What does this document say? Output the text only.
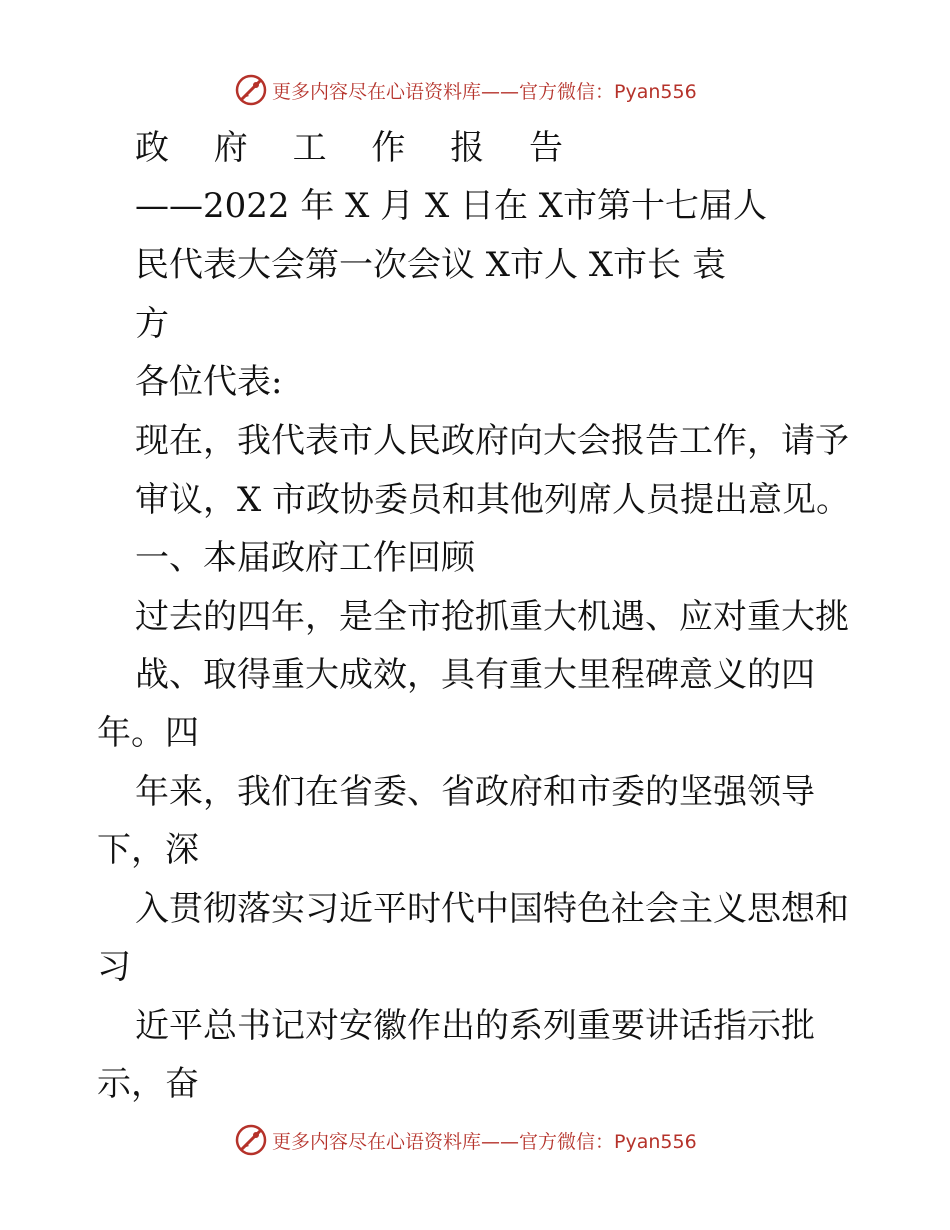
更多内容尽在心语资料库——官方微信：Pyan556
政 府 工 作 报 告
——2022 年 X 月 X 日在 X市第十七届人
民代表大会第一次会议 X市人 X市长 袁
方
各位代表:
现在，我代表市人民政府向大会报告工作，请予
审议，X 市政协委员和其他列席人员提出意见。
一、本届政府工作回顾
过去的四年，是全市抢抓重大机遇、应对重大挑
战、取得重大成效，具有重大里程碑意义的四
年。四
年来，我们在省委、省政府和市委的坚强领导
下，深
入贯彻落实习近平时代中国特色社会主义思想和
习
近平总书记对安徽作出的系列重要讲话指示批
示，奋
更多内容尽在心语资料库——官方微信：Pyan556
